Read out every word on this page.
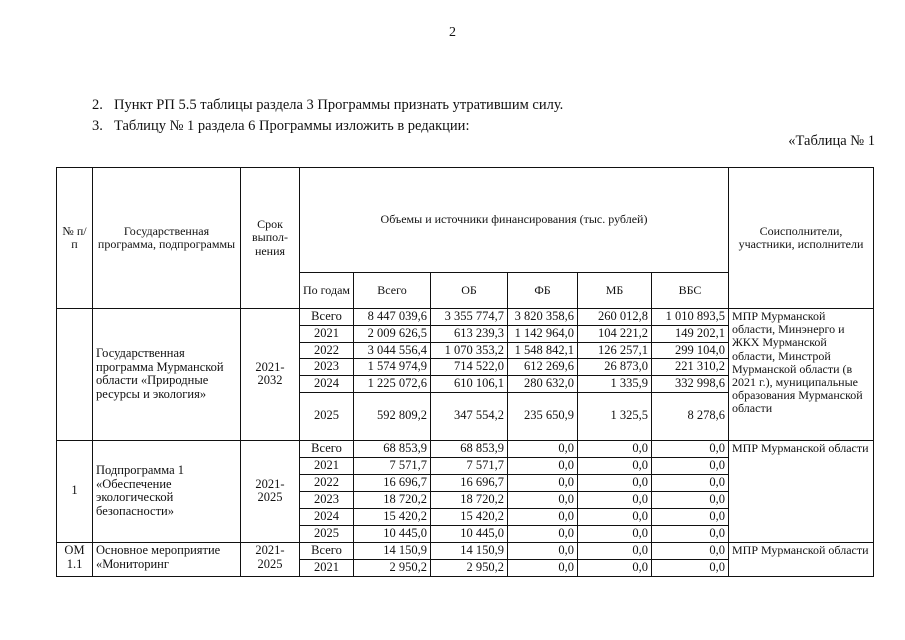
2
2. Пункт РП 5.5 таблицы раздела 3 Программы признать утратившим силу.
3. Таблицу № 1 раздела 6 Программы изложить в редакции:
«Таблица № 1
№ п/п	Государственная программа, подпрограммы	Срок выпол-нения	Объемы и источники финансирования (тыс. рублей)						Соисполнители, участники, исполнители
			По годам	Всего	ОБ	ФБ	МБ	ВБС	
	Государственная программа Мурманской области «Природные ресурсы и экология»	2021-2032	Всего	8 447 039,6	3 355 774,7	3 820 358,6	260 012,8	1 010 893,5	МПР Мурманской области, Минэнерго и ЖКХ Мурманской области, Минстрой Мурманской области (в 2021 г.), муниципальные образования Мурманской области
			2021	2 009 626,5	613 239,3	1 142 964,0	104 221,2	149 202,1	
			2022	3 044 556,4	1 070 353,2	1 548 842,1	126 257,1	299 104,0	
			2023	1 574 974,9	714 522,0	612 269,6	26 873,0	221 310,2	
			2024	1 225 072,6	610 106,1	280 632,0	1 335,9	332 998,6	
			2025	592 809,2	347 554,2	235 650,9	1 325,5	8 278,6	
1	Подпрограмма 1 «Обеспечение экологической безопасности»	2021-2025	Всего	68 853,9	68 853,9	0,0	0,0	0,0	МПР Мурманской области
			2021	7 571,7	7 571,7	0,0	0,0	0,0	
			2022	16 696,7	16 696,7	0,0	0,0	0,0	
			2023	18 720,2	18 720,2	0,0	0,0	0,0	
			2024	15 420,2	15 420,2	0,0	0,0	0,0	
			2025	10 445,0	10 445,0	0,0	0,0	0,0	
ОМ 1.1	Основное мероприятие «Мониторинг	2021-2025	Всего	14 150,9	14 150,9	0,0	0,0	0,0	МПР Мурманской области
			2021	2 950,2	2 950,2	0,0	0,0	0,0	
